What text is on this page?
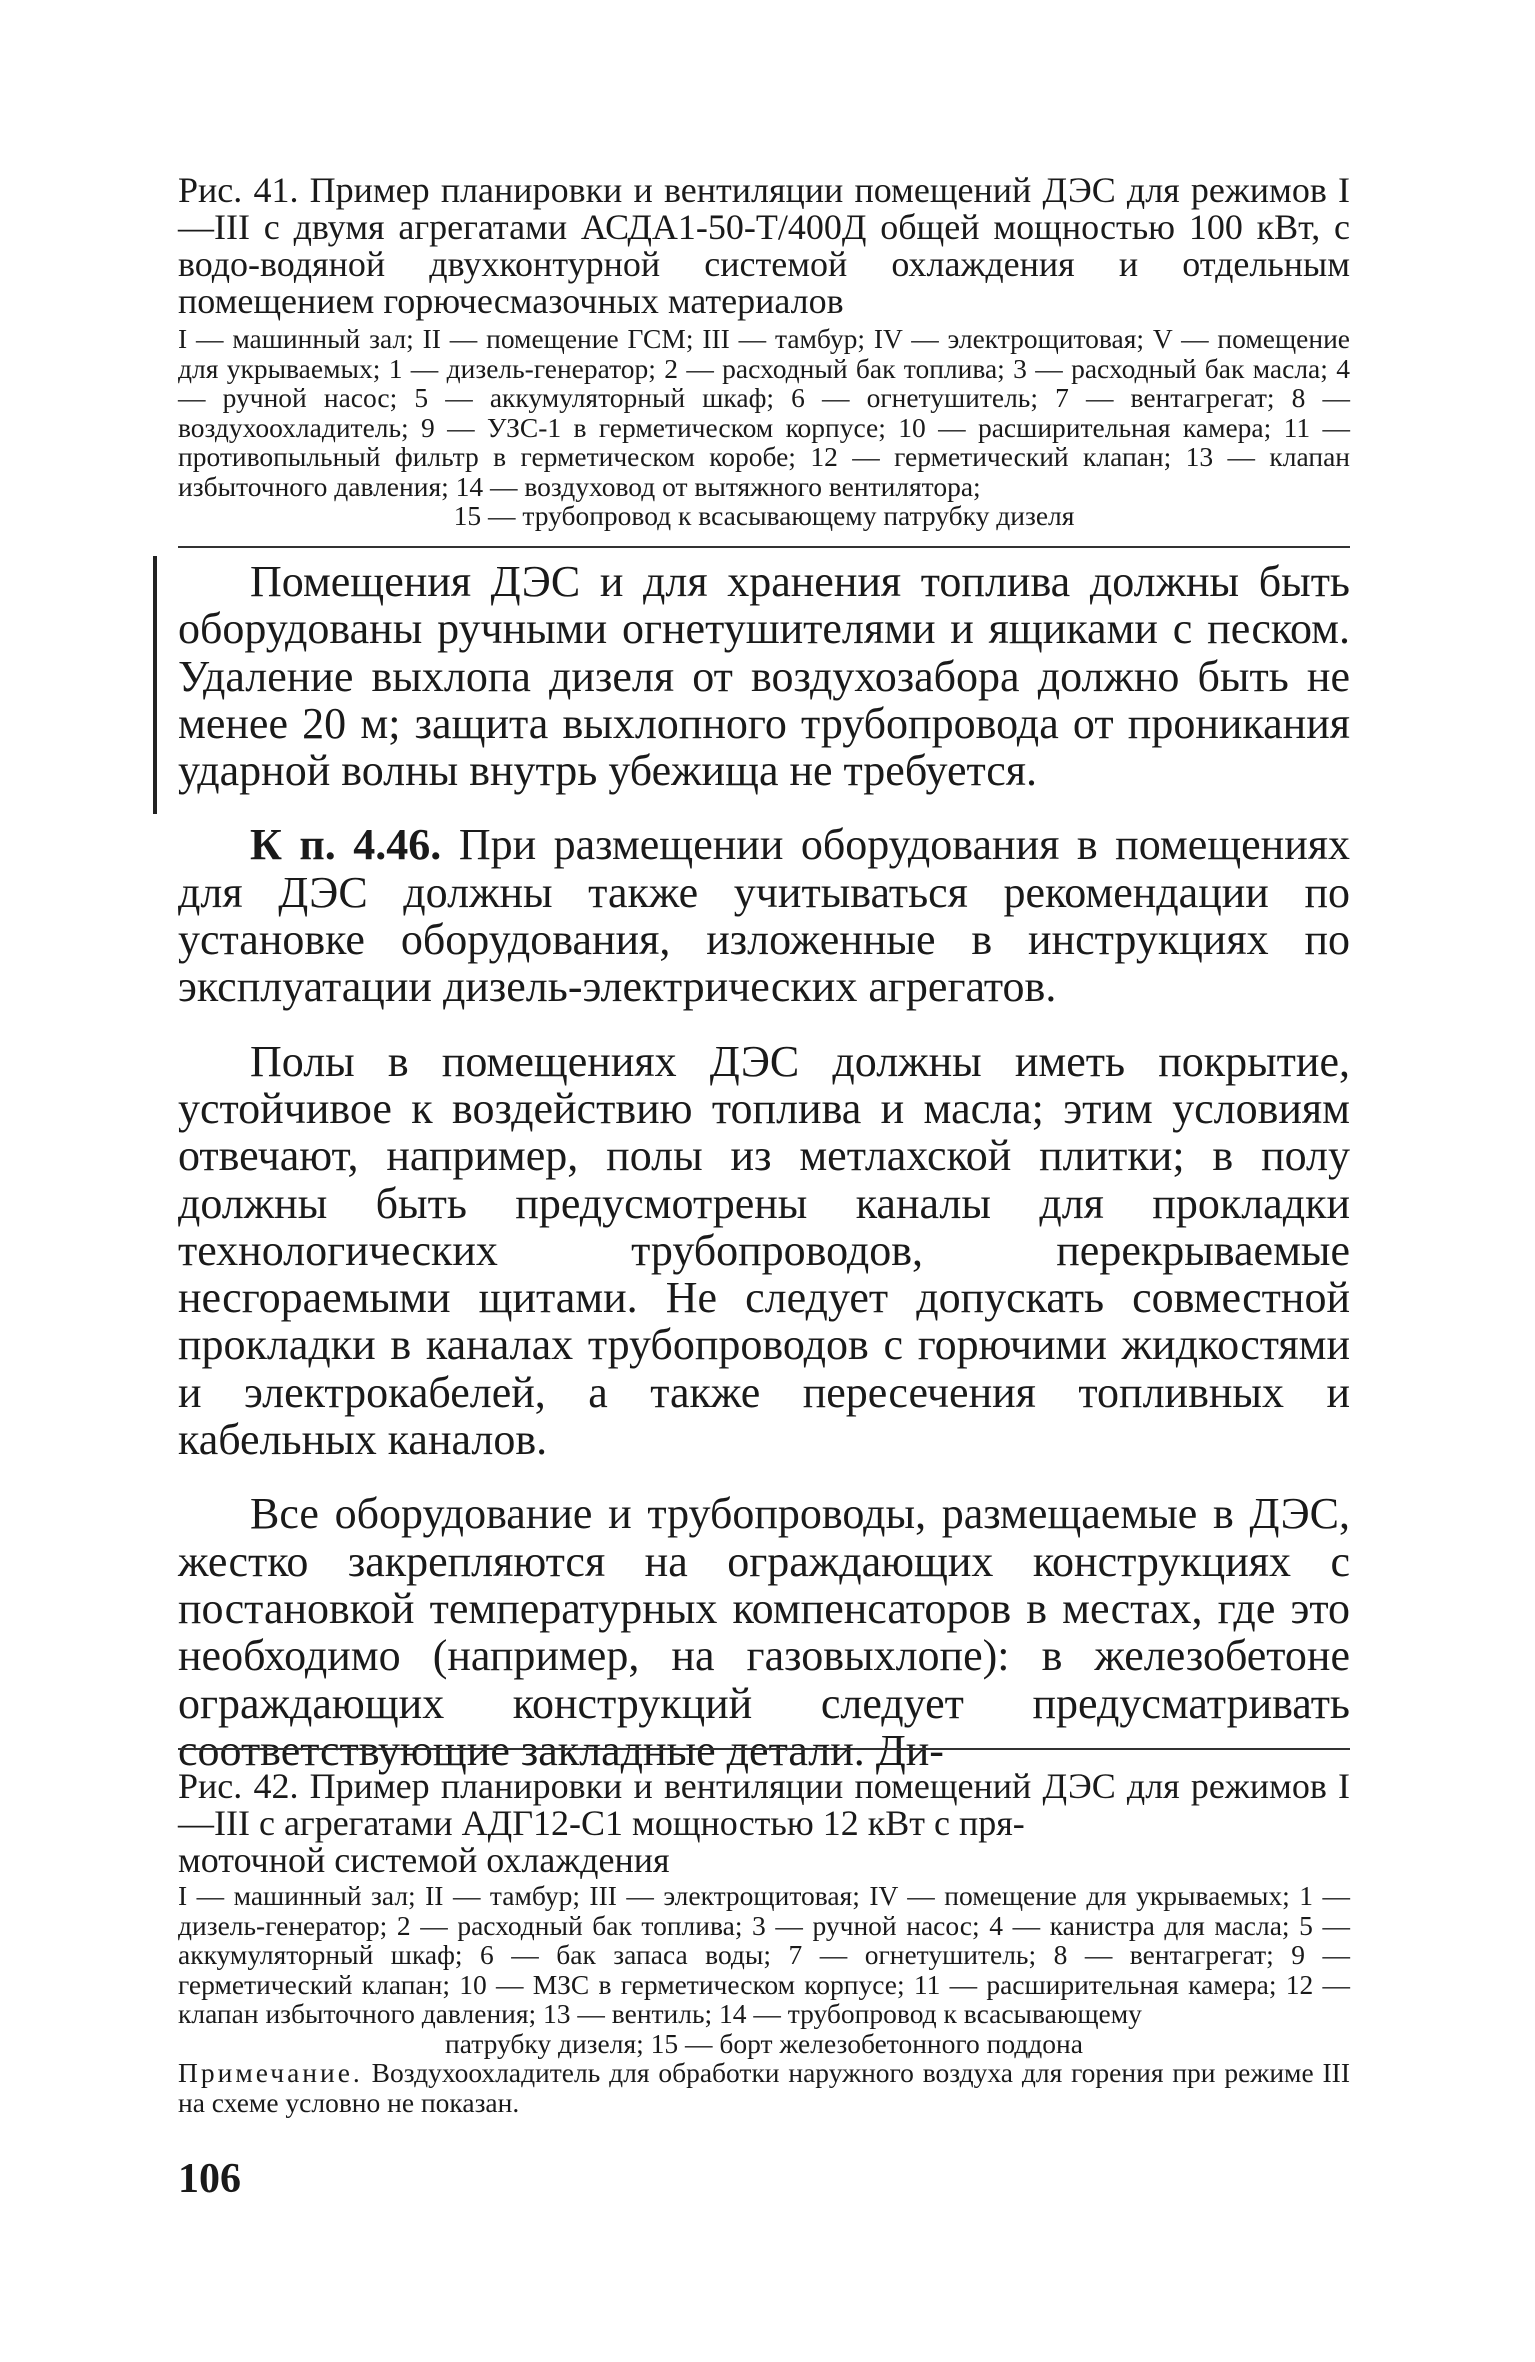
Рис. 41. Пример планировки и вентиляции помещений ДЭС для режимов I—III с двумя агрегатами АСДА1-50-Т/400Д общей мощностью 100 кВт, с водо-водяной двухконтурной системой охлаждения и отдельным помещением горючесмазочных материалов
I — машинный зал; II — помещение ГСМ; III — тамбур; IV — электрощитовая; V — помещение для укрываемых; 1 — дизель-генератор; 2 — расходный бак топлива; 3 — расходный бак масла; 4 — ручной насос; 5 — аккумуляторный шкаф; 6 — огнетушитель; 7 — вентагрегат; 8 — воздухоохладитель; 9 — УЗС-1 в герметическом корпусе; 10 — расширительная камера; 11 — противопыльный фильтр в герметическом коробе; 12 — герметический клапан; 13 — клапан избыточного давления; 14 — воздуховод от вытяжного вентилятора;
15 — трубопровод к всасывающему патрубку дизеля

Помещения ДЭС и для хранения топлива должны быть оборудованы ручными огнетушителями и ящиками с песком. Удаление выхлопа дизеля от воздухозабора должно быть не менее 20 м; защита выхлопного трубопровода от проникания ударной волны внутрь убежища не требуется.

К п. 4.46. При размещении оборудования в помещениях для ДЭС должны также учитываться рекомендации по установке оборудования, изложенные в инструкциях по эксплуатации дизель-электрических агрегатов.

Полы в помещениях ДЭС должны иметь покрытие, устойчивое к воздействию топлива и масла; этим условиям отвечают, например, полы из метлахской плитки; в полу должны быть предусмотрены каналы для прокладки технологических трубопроводов, перекрываемые несгораемыми щитами. Не следует допускать совместной прокладки в каналах трубопроводов с горючими жидкостями и электрокабелей, а также пересечения топливных и кабельных каналов.

Все оборудование и трубопроводы, размещаемые в ДЭС, жестко закрепляются на ограждающих конструкциях с постановкой температурных компенсаторов в местах, где это необходимо (например, на газовыхлопе): в железобетоне ограждающих конструкций следует предусматривать соответствующие закладные детали. Ди-

Рис. 42. Пример планировки и вентиляции помещений ДЭС для режимов I—III с агрегатами АДГ12-С1 мощностью 12 кВт с пря-
моточной системой охлаждения
I — машинный зал; II — тамбур; III — электрощитовая; IV — помещение для укрываемых; 1 — дизель-генератор; 2 — расходный бак топлива; 3 — ручной насос; 4 — канистра для масла; 5 — аккумуляторный шкаф; 6 — бак запаса воды; 7 — огнетушитель; 8 — вентагрегат; 9 — герметический клапан; 10 — МЗС в герметическом корпусе; 11 — расширительная камера; 12 — клапан избыточного давления; 13 — вентиль; 14 — трубопровод к всасывающему
патрубку дизеля; 15 — борт железобетонного поддона
Примечание. Воздухоохладитель для обработки наружного воздуха для горения при режиме III на схеме условно не показан.
106
